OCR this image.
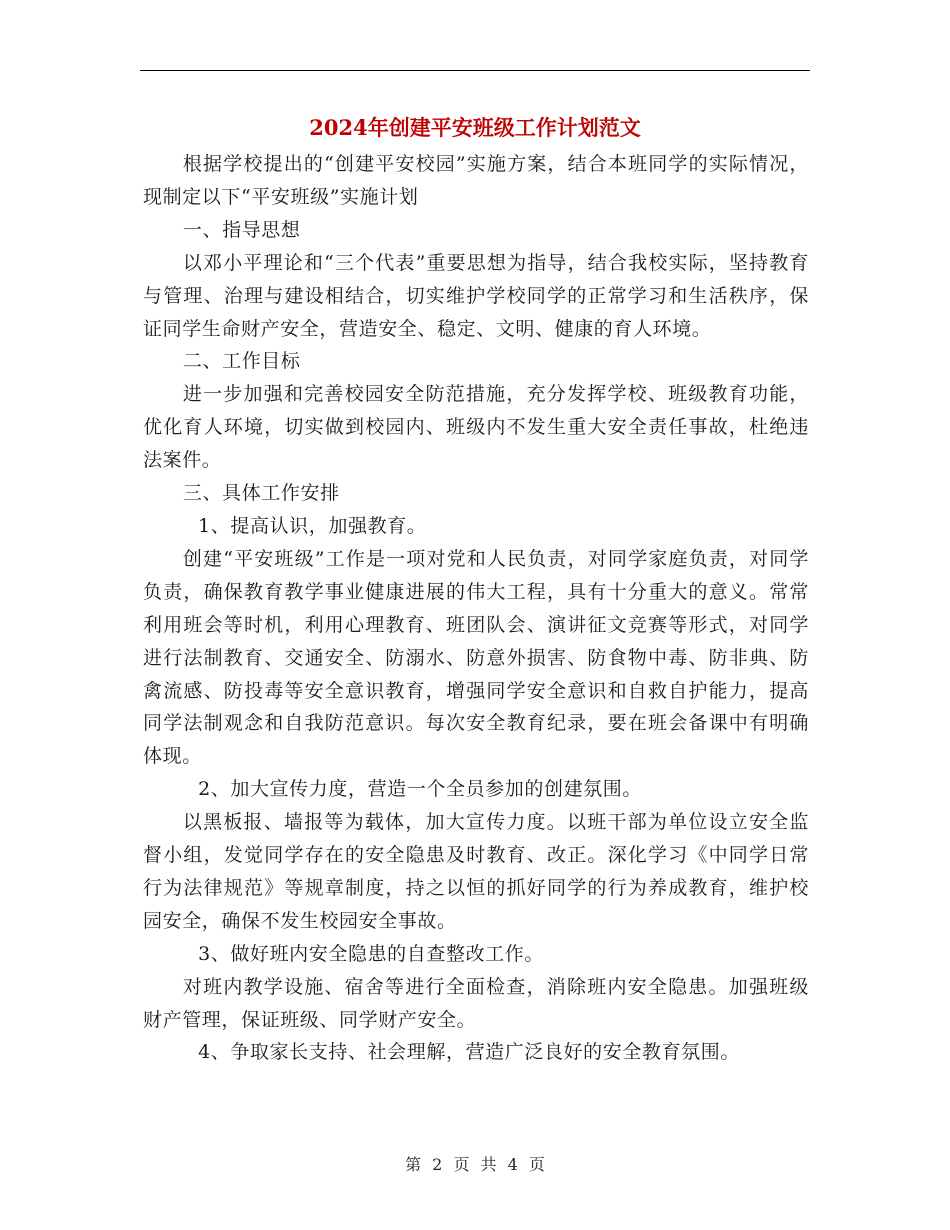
2024年创建平安班级工作计划范文

根据学校提出的“创建平安校园”实施方案，结合本班同学的实际情况，现制定以下“平安班级”实施计划

一、指导思想

以邓小平理论和“三个代表”重要思想为指导，结合我校实际，坚持教育与管理、治理与建设相结合，切实维护学校同学的正常学习和生活秩序，保证同学生命财产安全，营造安全、稳定、文明、健康的育人环境。

二、工作目标

进一步加强和完善校园安全防范措施，充分发挥学校、班级教育功能，优化育人环境，切实做到校园内、班级内不发生重大安全责任事故，杜绝违法案件。

三、具体工作安排

1、提高认识，加强教育。

创建“平安班级”工作是一项对党和人民负责，对同学家庭负责，对同学负责，确保教育教学事业健康进展的伟大工程，具有十分重大的意义。常常利用班会等时机，利用心理教育、班团队会、演讲征文竞赛等形式，对同学进行法制教育、交通安全、防溺水、防意外损害、防食物中毒、防非典、防禽流感、防投毒等安全意识教育，增强同学安全意识和自救自护能力，提高同学法制观念和自我防范意识。每次安全教育纪录，要在班会备课中有明确体现。

2、加大宣传力度，营造一个全员参加的创建氛围。

以黑板报、墙报等为载体，加大宣传力度。以班干部为单位设立安全监督小组，发觉同学存在的安全隐患及时教育、改正。深化学习《中同学日常行为法律规范》等规章制度，持之以恒的抓好同学的行为养成教育，维护校园安全，确保不发生校园安全事故。

3、做好班内安全隐患的自查整改工作。

对班内教学设施、宿舍等进行全面检查，消除班内安全隐患。加强班级财产管理，保证班级、同学财产安全。

4、争取家长支持、社会理解，营造广泛良好的安全教育氛围。

第 2 页 共 4 页
